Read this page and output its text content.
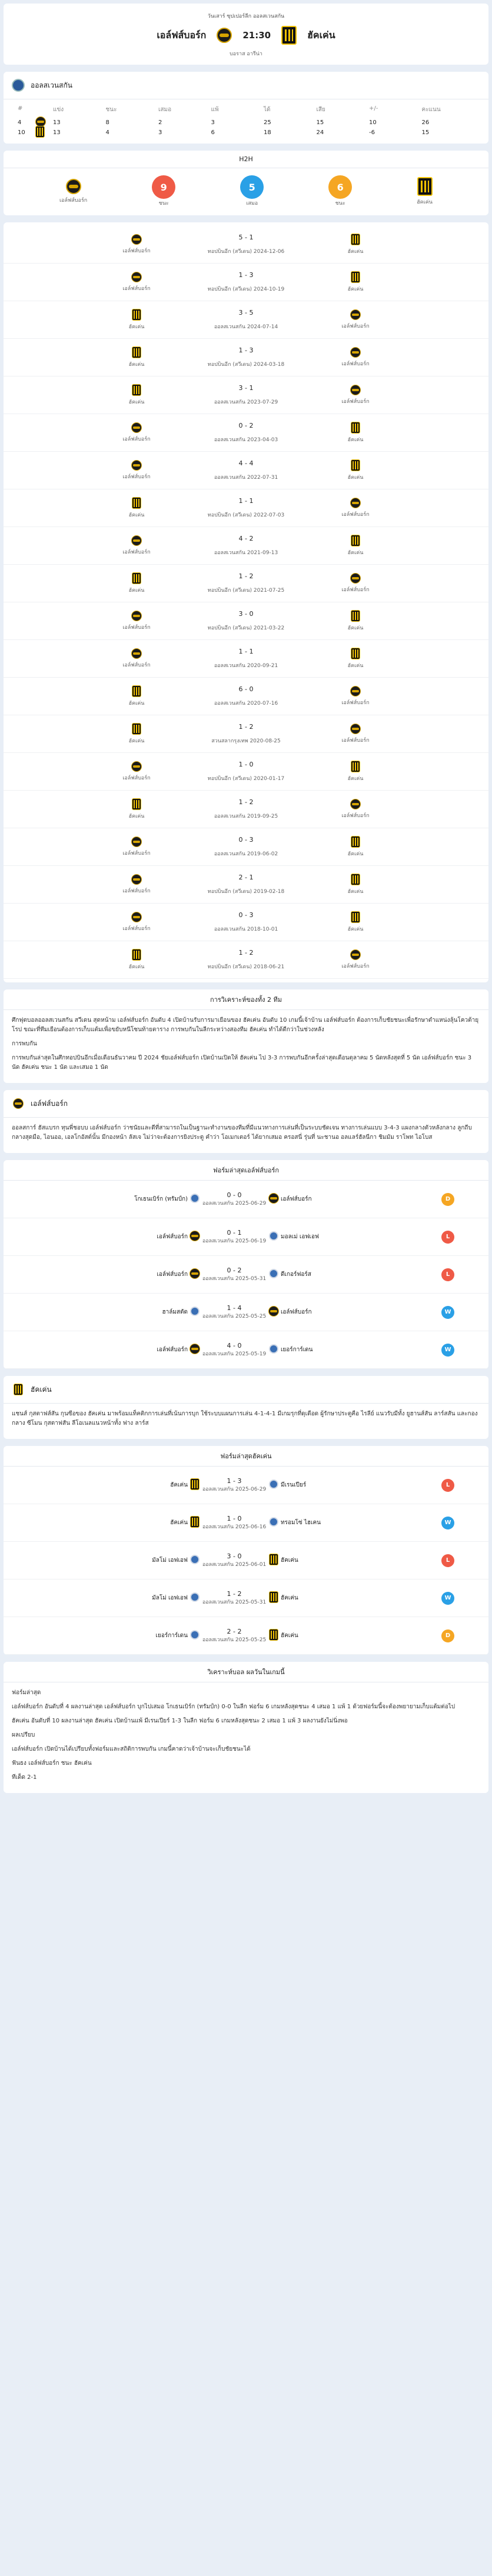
วันเสาร์ ซุปเปอร์ลีก ออลสเวนสกัน
เอล์ฟส์บอร์ก	21:30	ฮัคเค่น
บอราส อารีน่า
ออลสเวนสกัน
#	แข่ง	ชนะ	เสมอ	แพ้	ได้	เสีย	+/-	คะแนน
4	13	8	2	3	25	15	10	26
10	13	4	3	6	18	24	-6	15
H2H
เอล์ฟส์บอร์ก
9
ชนะ
5
เสมอ
6
ชนะ	ฮัคเค่น
เอล์ฟส์บอร์ก
5 - 1
ทอปบินอีก (สวีเดน) 2024-12-06	ฮัคเค่น
เอล์ฟส์บอร์ก
1 - 3
ทอปบินอีก (สวีเดน) 2024-10-19	ฮัคเค่น
ฮัคเค่น
3 - 5
ออลสเวนสกัน 2024-07-14	เอล์ฟส์บอร์ก
ฮัคเค่น
1 - 3
ทอปบินอีก (สวีเดน) 2024-03-18	เอล์ฟส์บอร์ก
ฮัคเค่น
3 - 1
ออลสเวนสกัน 2023-07-29	เอล์ฟส์บอร์ก
เอล์ฟส์บอร์ก
0 - 2
ออลสเวนสกัน 2023-04-03	ฮัคเค่น
เอล์ฟส์บอร์ก
4 - 4
ออลสเวนสกัน 2022-07-31	ฮัคเค่น
ฮัคเค่น
1 - 1
ทอปบินอีก (สวีเดน) 2022-07-03	เอล์ฟส์บอร์ก
เอล์ฟส์บอร์ก
4 - 2
ออลสเวนสกัน 2021-09-13	ฮัคเค่น
ฮัคเค่น
1 - 2
ทอปบินอีก (สวีเดน) 2021-07-25	เอล์ฟส์บอร์ก
เอล์ฟส์บอร์ก
3 - 0
ทอปบินอีก (สวีเดน) 2021-03-22	ฮัคเค่น
เอล์ฟส์บอร์ก
1 - 1
ออลสเวนสกัน 2020-09-21	ฮัคเค่น
ฮัคเค่น
6 - 0
ออลสเวนสกัน 2020-07-16	เอล์ฟส์บอร์ก
ฮัคเค่น
1 - 2
สวนสลากรุงเทพ 2020-08-25	เอล์ฟส์บอร์ก
เอล์ฟส์บอร์ก
1 - 0
ทอปบินอีก (สวีเดน) 2020-01-17	ฮัคเค่น
ฮัคเค่น
1 - 2
ออลสเวนสกัน 2019-09-25	เอล์ฟส์บอร์ก
เอล์ฟส์บอร์ก
0 - 3
ออลสเวนสกัน 2019-06-02	ฮัคเค่น
เอล์ฟส์บอร์ก
2 - 1
ทอปบินอีก (สวีเดน) 2019-02-18	ฮัคเค่น
เอล์ฟส์บอร์ก
0 - 3
ออลสเวนสกัน 2018-10-01	ฮัคเค่น
ฮัคเค่น
1 - 2
ทอปบินอีก (สวีเดน) 2018-06-21	เอล์ฟส์บอร์ก
การวิเคราะห์ของทั้ง 2 ทีม

ศึกฟุตบอลออลสเวนสกัน สวีเดน สุดหน้าม เอล์ฟส์บอร์ก อันดับ 4 เปิดบ้านรับการมาเยือนของ ฮัคเค่น อันดับ 10 เกมนี้เจ้าบ้าน เอล์ฟส์บอร์ก ต้องการเก็บชัยชนะเพื่อรักษาตำแหน่งลุ้นโควต้ายุโรป ขณะที่ทีมเยือนต้องการเก็บแต้มเพื่อขยับหนีโซนท้ายตาราง การพบกันในลีกระหว่างสองทีม ฮัคเค่น ทำได้ดีกว่าในช่วงหลัง

การพบกัน

การพบกันล่าสุดในศึกทอปบินอีกเมื่อเดือนธันวาคม ปี 2024 ชัยเอล์ฟส์บอร์ก เปิดบ้านเปิดให้ ฮัคเค่น ไป 3-3 การพบกันอีกครั้งล่าสุดเดือนตุลาคม 5 นัดหลังสุดที่ 5 นัด เอล์ฟส์บอร์ก ชนะ 3 นัด ฮัคเค่น ชนะ 1 นัด และเสมอ 1 นัด

เอล์ฟส์บอร์ก

ออลสการ์ ฮัสแบรก ทุนพี่ชอบบ เอล์ฟส์บอร์ก ว่าชนัยและดีที่สามารถในเป็นฐานะทำงานของทีมที่มีแนวทางการเล่นที่เป็นระบบชัดเจน ทางการเล่นแบบ 3-4-3 แผงกลางตัวหลังกลาง ลูกถีบกลางสุดมือ, ไอนออ, เอลโกอัสต์นั้น มีกองหน้า ลัสเจ ไม่ว่าจะต้องการยิงประตู คำว่า โอเมกเตอร์ ได้ยากเสมอ ครอสนี่ รุ่นที่ นะชานอ อลแลร์ฮัลนีกา ชิมมัม ราโพท ไอโบส

ฟอร์มล่าสุดเอล์ฟส์บอร์ก
โกเธนเบิร์ก (ทรัมป์ก)
0 - 0
ออลสเวนสกัน 2025-06-29
เอล์ฟส์บอร์ก	D
เอล์ฟส์บอร์ก
0 - 1
ออลสเวนสกัน 2025-06-19
มอลเม่ เอฟเอฟ	L
เอล์ฟส์บอร์ก
0 - 2
ออลสเวนสกัน 2025-05-31
ดีเกอร์ฟอร์ส	L
ฮาล์มสตัด
1 - 4
ออลสเวนสกัน 2025-05-25
เอล์ฟส์บอร์ก	W
เอล์ฟส์บอร์ก
4 - 0
ออลสเวนสกัน 2025-05-19
เยอร์การ์เดน	W
ฮัคเค่น

แชนส์ กุสตาฟส์สัน กุนซือของ ฮัคเค่น มาพร้อมแท็คติกการเล่นที่เน้นการบุก ใช้ระบบแผนการเล่น 4-1-4-1 มีเกมรุกที่ดุเดือด ผู้รักษาประตูคือ ไรลีย์ แนวรับมีทั้ง ยูฮานส์สัน ลาร์สสัน และกองกลาง ซีโมน กุสตาฟสัน ลีโอเนลแนวหน้าทั้ง ฟาง ลาร์ส

ฟอร์มล่าสุดฮัคเค่น
ฮัคเค่น
1 - 3
ออลสเวนสกัน 2025-06-29
มีเรนเปียร์	L
ฮัคเค่น
1 - 0
ออลสเวนสกัน 2025-06-16
ทรอมโซ่ ไฮเคน	W
มัลโม่ เอฟเอฟ
3 - 0
ออลสเวนสกัน 2025-06-01
ฮัคเค่น	L
มัลโม่ เอฟเอฟ
1 - 2
ออลสเวนสกัน 2025-05-31
ฮัคเค่น	W
เยอร์การ์เดน
2 - 2
ออลสเวนสกัน 2025-05-25
ฮัคเค่น	D
วิเคราะห์บอล ผลวันในเกมนี้

ฟอร์มล่าสุด

เอล์ฟส์บอร์ก อันดับที่ 4 ผลงานล่าสุด เอล์ฟส์บอร์ก บุกไปเสมอ โกเธนเบิร์ก (ทรัมป์ก) 0-0 ในลีก ฟอร์ม 6 เกมหลังสุดชนะ 4 เสมอ 1 แพ้ 1 ด้วยฟอร์มนี้จะต้องพยายามเก็บแต้มต่อไป

ฮัคเค่น อันดับที่ 10 ผลงานล่าสุด ฮัคเค่น เปิดบ้านแพ้ มีเรนเปียร์ 1-3 ในลีก ฟอร์ม 6 เกมหลังสุดชนะ 2 เสมอ 1 แพ้ 3 ผลงานยังไม่นิ่งพอ

ผลเปรียบ

เอล์ฟส์บอร์ก เปิดบ้านได้เปรียบทั้งฟอร์มและสถิติการพบกัน เกมนี้คาดว่าเจ้าบ้านจะเก็บชัยชนะได้

ฟันธง เอล์ฟส์บอร์ก ชนะ ฮัคเค่น

ทีเด็ด 2-1
